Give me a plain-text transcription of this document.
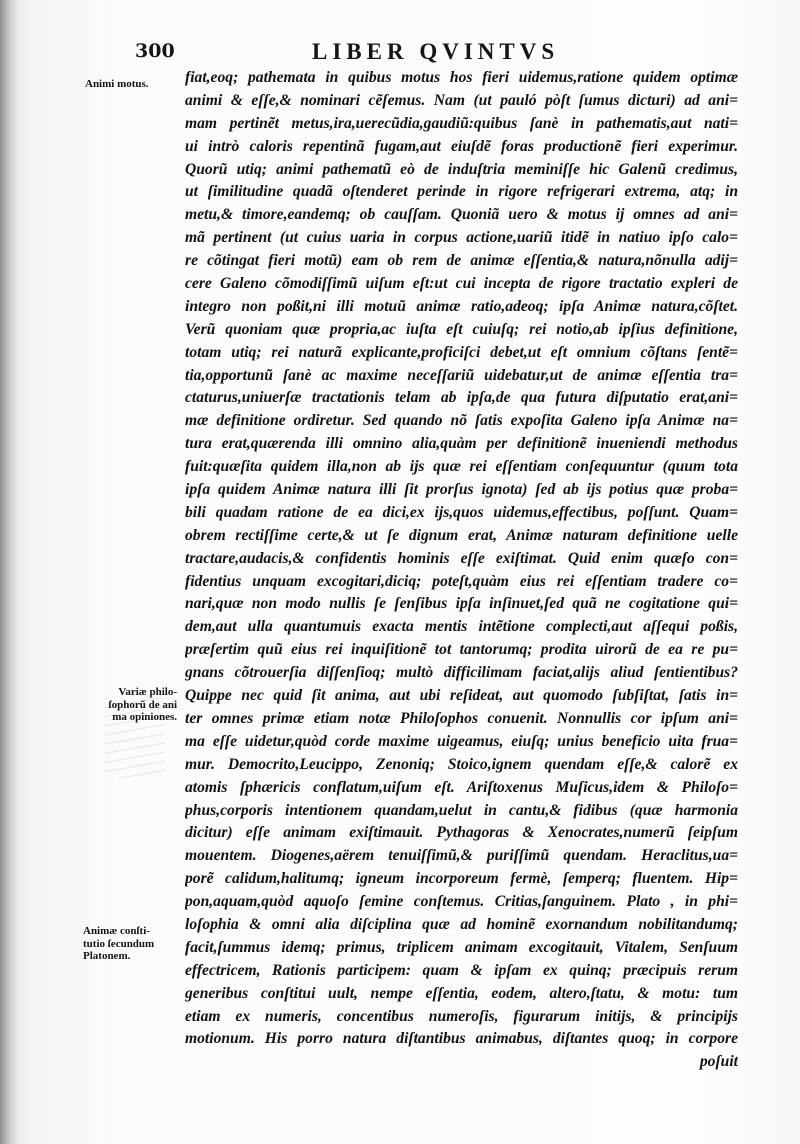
300	LIBER QVINTVS
Animi motus.
Variæ philo-
ſophorũ de ani
ma opiniones.
Animæ conſti-
tutio ſecundum
Platonem.
fiat,eoq; pathemata in quibus motus hos fieri uidemus,ratione quidem optimæ
animi & eſſe,& nominari cẽſemus. Nam (ut pauló pòſt ſumus dicturi) ad ani=
mam pertinẽt metus,ira,uerecũdia,gaudiũ:quibus ſanè in pathematis,aut nati=
ui intrò caloris repentinã fugam,aut eiuſdẽ foras productionẽ fieri experimur.
Quorũ utiq; animi pathematũ eò de induſtria meminiſſe hic Galenũ credimus,
ut ſimilitudine quadã oſtenderet perinde in rigore refrigerari extrema, atq; in
metu,& timore,eandemq; ob cauſſam. Quoniã uero & motus ij omnes ad ani=
mã pertinent (ut cuius uaria in corpus actione,uariũ itidẽ in natiuo ipſo calo=
re cõtingat fieri motũ) eam ob rem de animæ eſſentia,& natura,nõnulla adij=
cere Galeno cõmodiſſimũ uiſum eſt:ut cui incepta de rigore tractatio expleri de
integro non poßit,ni illi motuũ animæ ratio,adeoq; ipſa Animæ natura,cõſtet.
Verũ quoniam quæ propria,ac iuſta eſt cuiuſq; rei notio,ab ipſius definitione,
totam utiq; rei naturã explicante,proficiſci debet,ut eſt omnium cõſtans ſentẽ=
tia,opportunũ ſanè ac maxime neceſſariũ uidebatur,ut de animæ eſſentia tra=
ctaturus,uniuerſæ tractationis telam ab ipſa,de qua futura diſputatio erat,ani=
mæ definitione ordiretur. Sed quando nõ ſatis expoſita Galeno ipſa Animæ na=
tura erat,quærenda illi omnino alia,quàm per definitionẽ inueniendi methodus
fuit:quæſita quidem illa,non ab ijs quæ rei eſſentiam conſequuntur (quum tota
ipſa quidem Animæ natura illi ſit prorſus ignota) ſed ab ijs potius quæ proba=
bili quadam ratione de ea dici,ex ijs,quos uidemus,effectibus, poſſunt. Quam=
obrem rectiſſime certe,& ut ſe dignum erat, Animæ naturam definitione uelle
tractare,audacis,& confidentis hominis eſſe exiſtimat. Quid enim quæſo con=
fidentius unquam excogitari,diciq; poteſt,quàm eius rei eſſentiam tradere co=
nari,quæ non modo nullis ſe ſenſibus ipſa inſinuet,ſed quã ne cogitatione qui=
dem,aut ulla quantumuis exacta mentis intẽtione complecti,aut aſſequi poßis,
præſertim quũ eius rei inquiſitionẽ tot tantorumq; prodita uirorũ de ea re pu=
gnans cõtrouerſia diſſenſioq; multò difficilimam faciat,alijs aliud ſentientibus?
Quippe nec quid ſit anima, aut ubi reſideat, aut quomodo ſubſiſtat, ſatis in=
ter omnes primæ etiam notæ Philoſophos conuenit. Nonnullis cor ipſum ani=
ma eſſe uidetur,quòd corde maxime uigeamus, eiuſq; unius beneficio uita frua=
mur. Democrito,Leucippo, Zenoniq; Stoico,ignem quendam eſſe,& calorẽ ex
atomis ſphæricis conflatum,uiſum eſt. Ariſtoxenus Muſicus,idem & Philoſo=
phus,corporis intentionem quandam,uelut in cantu,& fidibus (quæ harmonia
dicitur) eſſe animam exiſtimauit. Pythagoras & Xenocrates,numerũ ſeipſum
mouentem. Diogenes,aërem tenuiſſimũ,& puriſſimũ quendam. Heraclitus,ua=
porẽ calidum,halitumq; igneum incorporeum fermè, ſemperq; fluentem. Hip=
pon,aquam,quòd aquoſo ſemine conſtemus. Critias,ſanguinem. Plato , in phi=
loſophia & omni alia diſciplina quæ ad hominẽ exornandum nobilitandumq;
facit,ſummus idemq; primus, triplicem animam excogitauit, Vitalem, Senſuum
effectricem, Rationis participem: quam & ipſam ex quinq; præcipuis rerum
generibus conſtitui uult, nempe eſſentia, eodem, altero,ſtatu, & motu: tum
etiam ex numeris, concentibus numeroſis, figurarum initijs, & principijs
motionum. His porro natura diſtantibus animabus, diſtantes quoq; in corpore
poſuit
